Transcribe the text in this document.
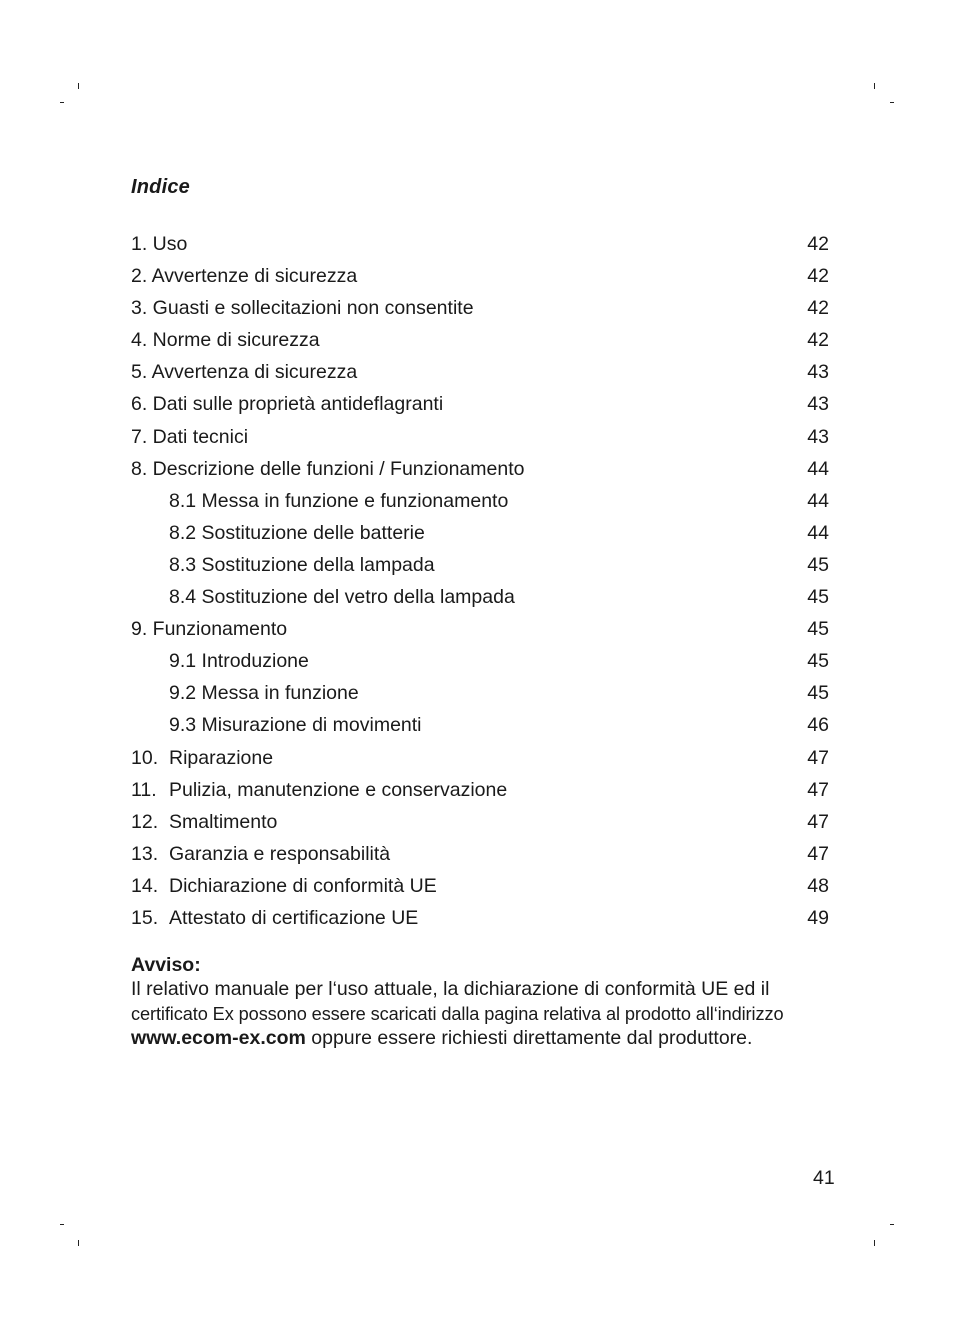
Indice
1. Uso	42
2. Avvertenze di sicurezza	42
3. Guasti e sollecitazioni non consentite	42
4. Norme di sicurezza	42
5. Avvertenza di sicurezza	43
6. Dati sulle proprietà antideflagranti	43
7. Dati tecnici	43
8. Descrizione delle funzioni / Funzionamento	44
8.1 Messa in funzione e funzionamento	44
8.2 Sostituzione delle batterie	44
8.3 Sostituzione della lampada	45
8.4 Sostituzione del vetro della lampada	45
9. Funzionamento	45
9.1 Introduzione	45
9.2 Messa in funzione	45
9.3 Misurazione di movimenti	46
10. Riparazione	47
11. Pulizia, manutenzione e conservazione	47
12. Smaltimento	47
13. Garanzia e responsabilità	47
14. Dichiarazione di conformità UE	48
15. Attestato di certificazione UE	49
Avviso:
Il relativo manuale per l‘uso attuale, la dichiarazione di conformità UE ed il
certificato Ex possono essere scaricati dalla pagina relativa al prodotto all‘indirizzo
www.ecom-ex.com oppure essere richiesti direttamente dal produttore.
41
